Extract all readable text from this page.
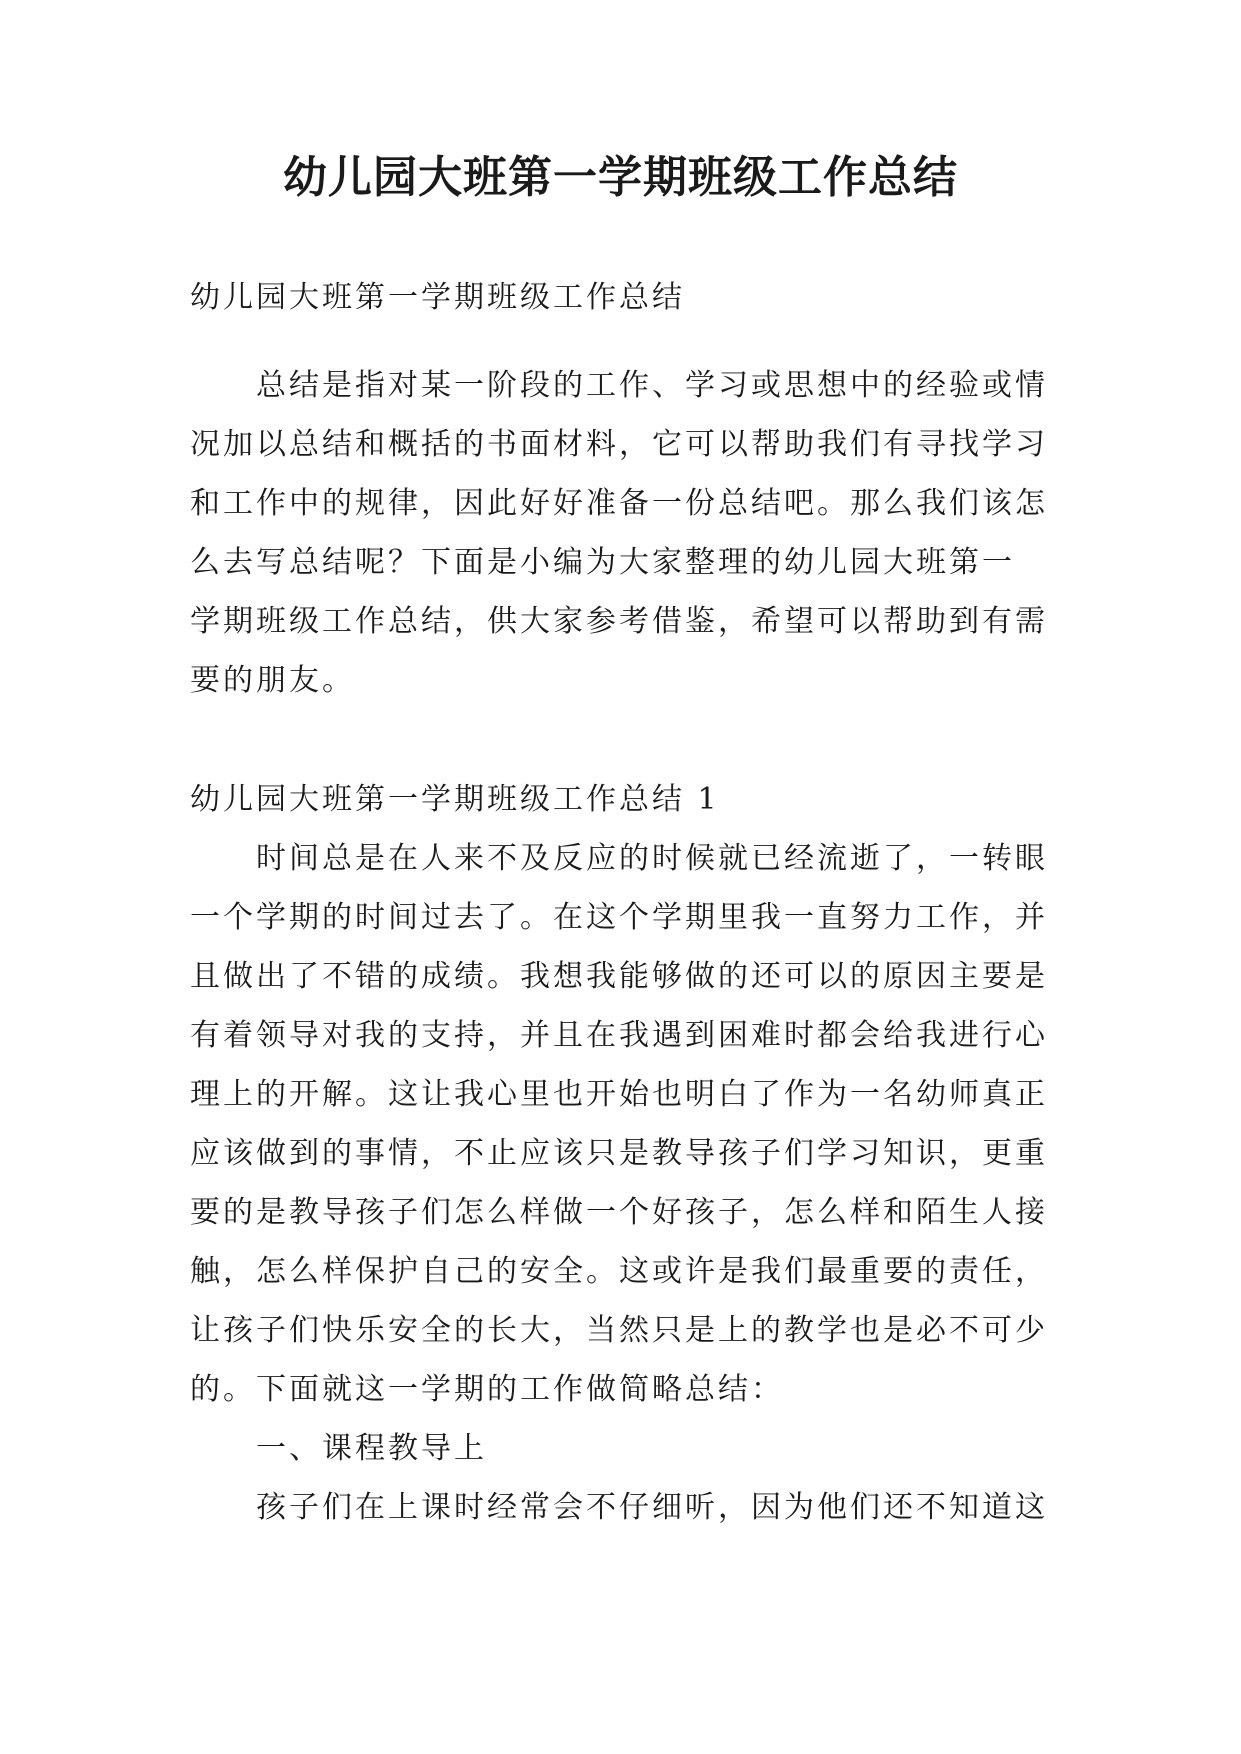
幼儿园大班第一学期班级工作总结
幼儿园大班第一学期班级工作总结
总结是指对某一阶段的工作、学习或思想中的经验或情
况加以总结和概括的书面材料，它可以帮助我们有寻找学习
和工作中的规律，因此好好准备一份总结吧。那么我们该怎
么去写总结呢？下面是小编为大家整理的幼儿园大班第一
学期班级工作总结，供大家参考借鉴，希望可以帮助到有需
要的朋友。
幼儿园大班第一学期班级工作总结 1
时间总是在人来不及反应的时候就已经流逝了，一转眼
一个学期的时间过去了。在这个学期里我一直努力工作，并
且做出了不错的成绩。我想我能够做的还可以的原因主要是
有着领导对我的支持，并且在我遇到困难时都会给我进行心
理上的开解。这让我心里也开始也明白了作为一名幼师真正
应该做到的事情，不止应该只是教导孩子们学习知识，更重
要的是教导孩子们怎么样做一个好孩子，怎么样和陌生人接
触，怎么样保护自己的安全。这或许是我们最重要的责任，
让孩子们快乐安全的长大，当然只是上的教学也是必不可少
的。下面就这一学期的工作做简略总结：
一、课程教导上
孩子们在上课时经常会不仔细听，因为他们还不知道这
